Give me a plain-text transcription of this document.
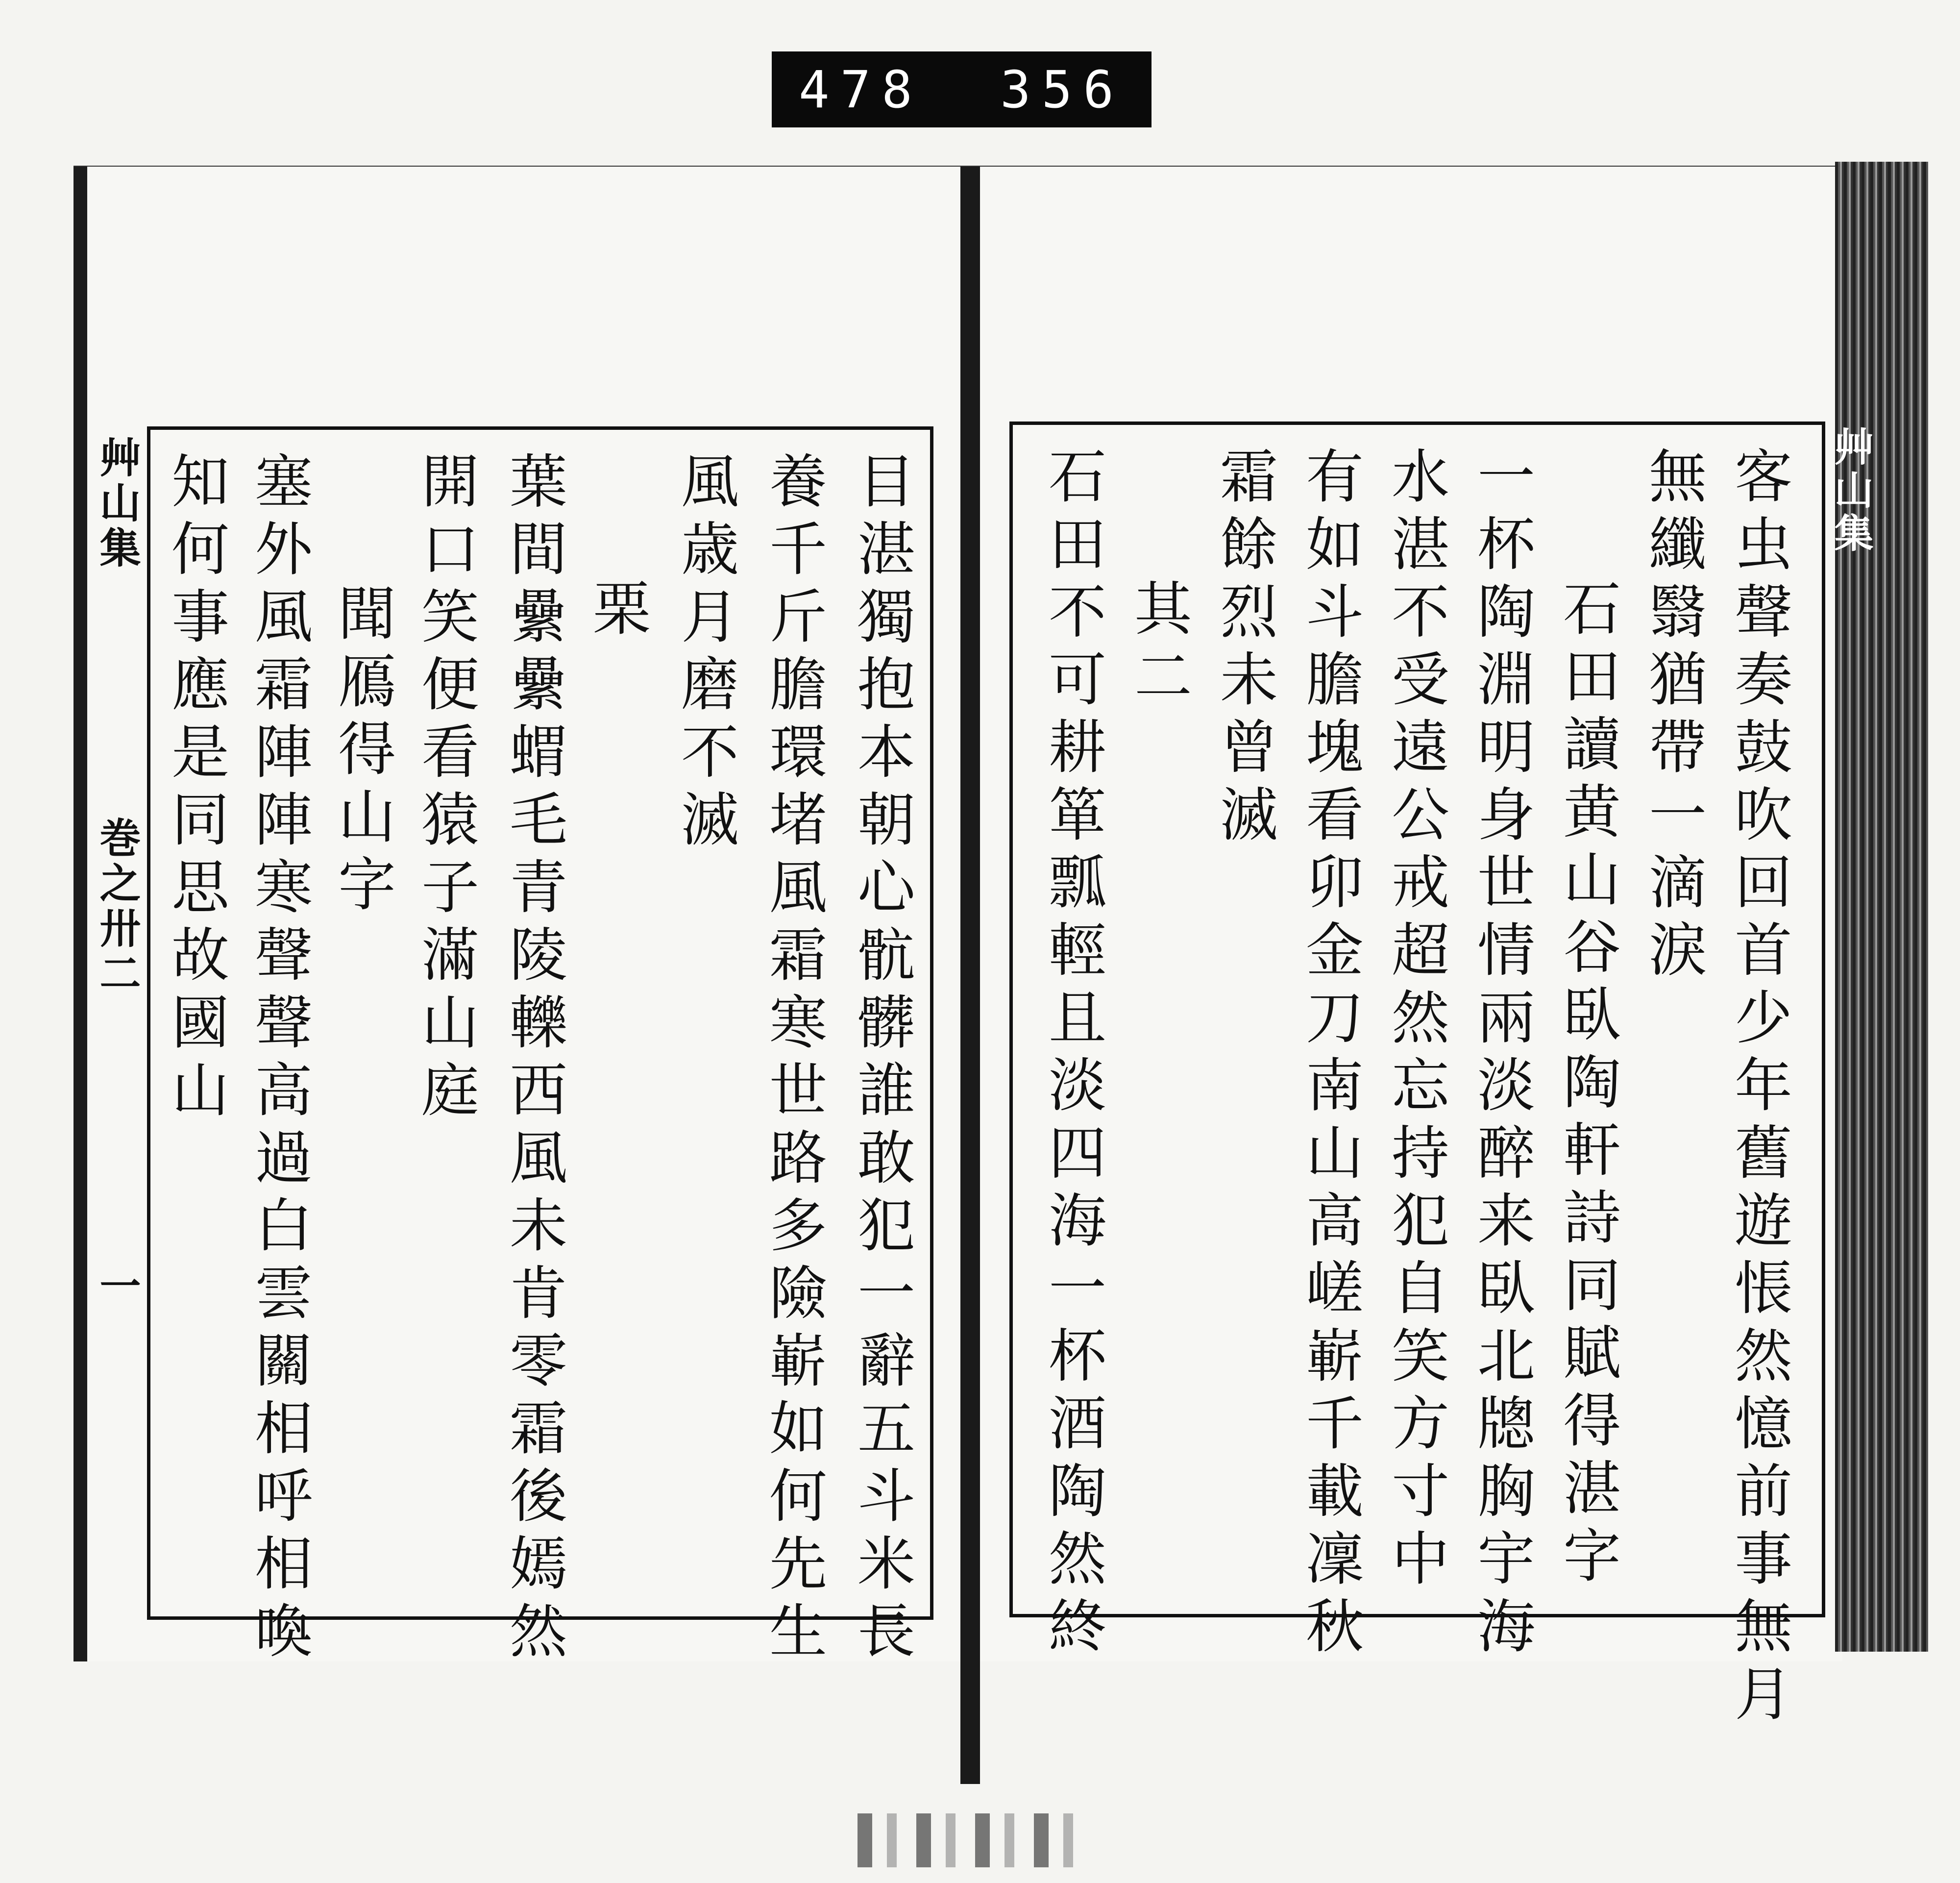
478 356
艸山集巻之卅二
一
艸山集
目湛獨抱本朝心骯髒誰敢犯一辭五斗米長
養千斤膽環堵風霜寒世路多險嶄如何先生
風歳月磨不滅
栗
葉間纍纍蝟毛青陵轢西風未肯零霜後嫣然
開口笑便看猿子滿山庭
聞鴈得山字
塞外風霜陣陣寒聲聲高過白雲關相呼相喚
知何事應是同思故國山	客虫聲奏鼓吹回首少年舊遊悵然憶前事無月
無纖翳猶帶一滴淚
石田讀黄山谷臥陶軒詩同賦得湛字
一杯陶淵明身世情兩淡醉来臥北牕胸宇海
水湛不受遠公戒超然忘持犯自笑方寸中
有如斗膽塊看卯金刀南山高嵯嶄千載凜秋
霜餘烈未曾滅
其二
石田不可耕箪瓢輕且淡四海一杯酒陶然終
